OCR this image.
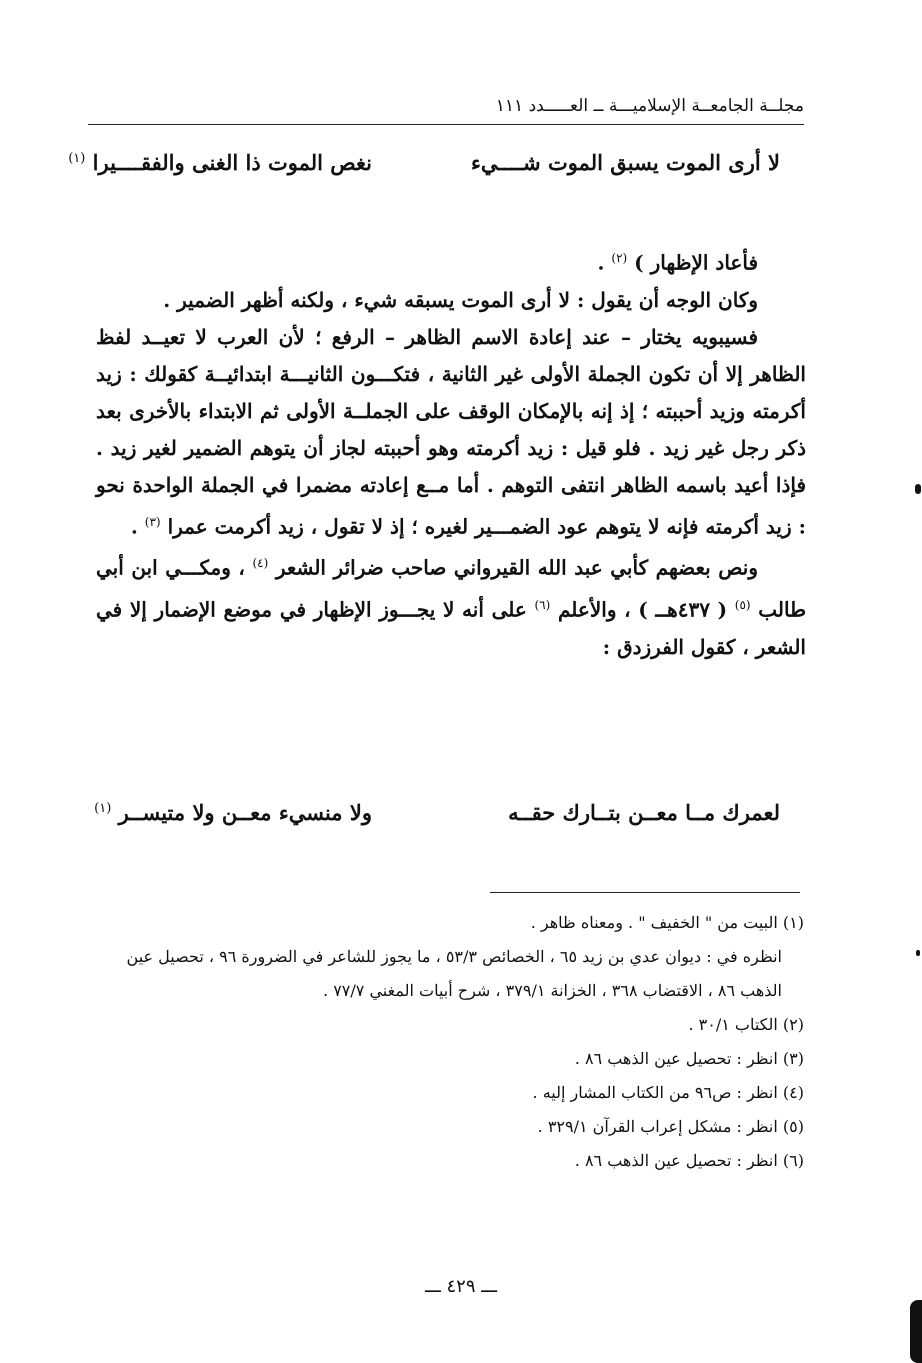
مجلــة الجامعــة الإسلاميـــة ــ العـــــدد ١١١
لا أرى الموت يسبق الموت شــــيء
نغص الموت ذا الغنى والفقــــيرا $^{(١)}$

فأعاد الإظهار ) $^{(٢)}$ .

وكان الوجه أن يقول : لا أرى الموت يسبقه شيء ، ولكنه أظهر الضمير .

فسيبويه يختار – عند إعادة الاسم الظاهر – الرفع ؛ لأن العرب لا تعيــد لفظ الظاهر إلا أن تكون الجملة الأولى غير الثانية ، فتكـــون الثانيـــة ابتدائيــة كقولك : زيد أكرمته وزيد أحببته ؛ إذ إنه بالإمكان الوقف على الجملــة الأولى ثم الابتداء بالأخرى بعد ذكر رجل غير زيد . فلو قيل : زيد أكرمته وهو أحببته لجاز أن يتوهم الضمير لغير زيد . فإذا أعيد باسمه الظاهر انتفى التوهم . أما مــع إعادته مضمرا في الجملة الواحدة نحو : زيد أكرمته فإنه لا يتوهم عود الضمـــير لغيره ؛ إذ لا تقول ، زيد أكرمت عمرا $^{(٣)}$ .

ونص بعضهم كأبي عبد الله القيرواني صاحب ضرائر الشعر $^{(٤)}$ ، ومكـــي ابن أبي طالب $^{(٥)}$ ( ٤٣٧هــ ) ، والأعلم $^{(٦)}$ على أنه لا يجـــوز الإظهار في موضع الإضمار إلا في الشعر ، كقول الفرزدق :

لعمرك مــا معــن بتــارك حقــه
ولا منسيء معــن ولا متيســر $^{(١)}$

(١) البيت من " الخفيف " . ومعناه ظاهر .

انظره في : ديوان عدي بن زيد ٦٥ ، الخصائص ٥٣/٣ ، ما يجوز للشاعر في الضرورة ٩٦ ، تحصيل عين الذهب ٨٦ ، الاقتضاب ٣٦٨ ، الخزانة ٣٧٩/١ ، شرح أبيات المغني ٧٧/٧ .

(٢) الكتاب ٣٠/١ .

(٣) انظر : تحصيل عين الذهب ٨٦ .

(٤) انظر : ص٩٦ من الكتاب المشار إليه .

(٥) انظر : مشكل إعراب القرآن ٣٢٩/١ .

(٦) انظر : تحصيل عين الذهب ٨٦ .

ـــ ٤٢٩ ـــ
